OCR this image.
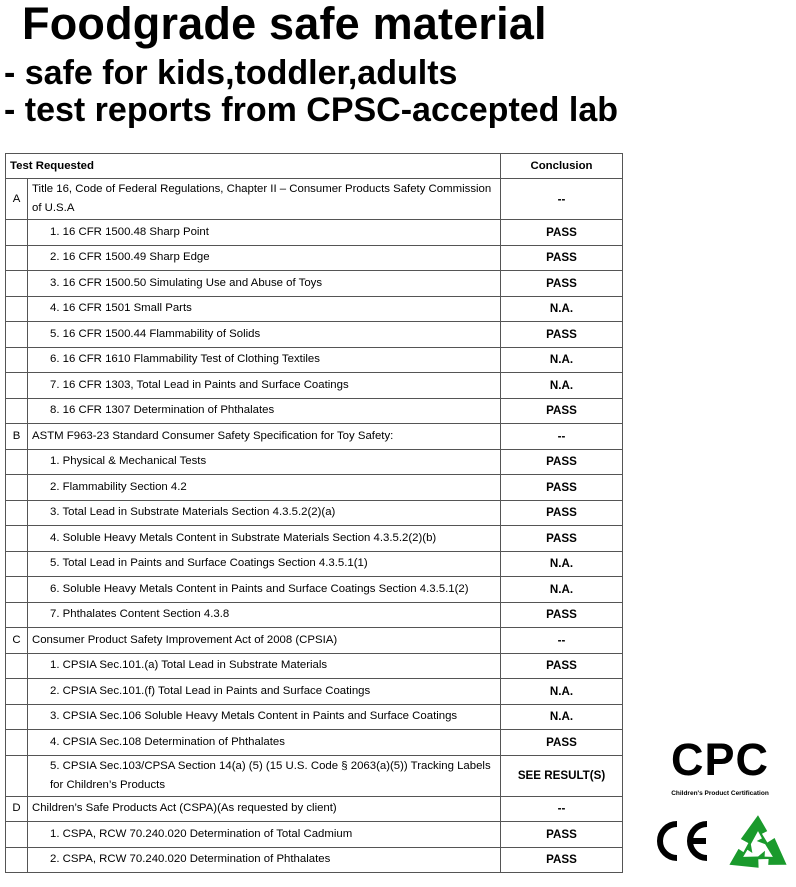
Foodgrade safe material
- safe for kids,toddler,adults
- test reports from CPSC-accepted lab
Test Requested		Conclusion
A	Title 16, Code of Federal Regulations, Chapter II – Consumer Products Safety Commission of U.S.A	--
	1. 16 CFR 1500.48 Sharp Point	PASS
	2. 16 CFR 1500.49 Sharp Edge	PASS
	3. 16 CFR 1500.50 Simulating Use and Abuse of Toys	PASS
	4. 16 CFR 1501 Small Parts	N.A.
	5. 16 CFR 1500.44 Flammability of Solids	PASS
	6. 16 CFR 1610 Flammability Test of Clothing Textiles	N.A.
	7. 16 CFR 1303, Total Lead in Paints and Surface Coatings	N.A.
	8. 16 CFR 1307 Determination of Phthalates	PASS
B	ASTM F963-23 Standard Consumer Safety Specification for Toy Safety:	--
	1. Physical & Mechanical Tests	PASS
	2. Flammability Section 4.2	PASS
	3. Total Lead in Substrate Materials Section 4.3.5.2(2)(a)	PASS
	4. Soluble Heavy Metals Content in Substrate Materials Section 4.3.5.2(2)(b)	PASS
	5. Total Lead in Paints and Surface Coatings Section 4.3.5.1(1)	N.A.
	6. Soluble Heavy Metals Content in Paints and Surface Coatings Section 4.3.5.1(2)	N.A.
	7. Phthalates Content Section 4.3.8	PASS
C	Consumer Product Safety Improvement Act of 2008 (CPSIA)	--
	1. CPSIA Sec.101.(a) Total Lead in Substrate Materials	PASS
	2. CPSIA Sec.101.(f) Total Lead in Paints and Surface Coatings	N.A.
	3. CPSIA Sec.106 Soluble Heavy Metals Content in Paints and Surface Coatings	N.A.
	4. CPSIA Sec.108 Determination of Phthalates	PASS
	5. CPSIA Sec.103/CPSA Section 14(a) (5) (15 U.S. Code § 2063(a)(5)) Tracking Labels for Children’s Products	SEE RESULT(S)
D	Children’s Safe Products Act (CSPA)(As requested by client)	--
	1. CSPA, RCW 70.240.020 Determination of Total Cadmium	PASS
	2. CSPA, RCW 70.240.020 Determination of Phthalates	PASS
CPC
Children's Product Certification
